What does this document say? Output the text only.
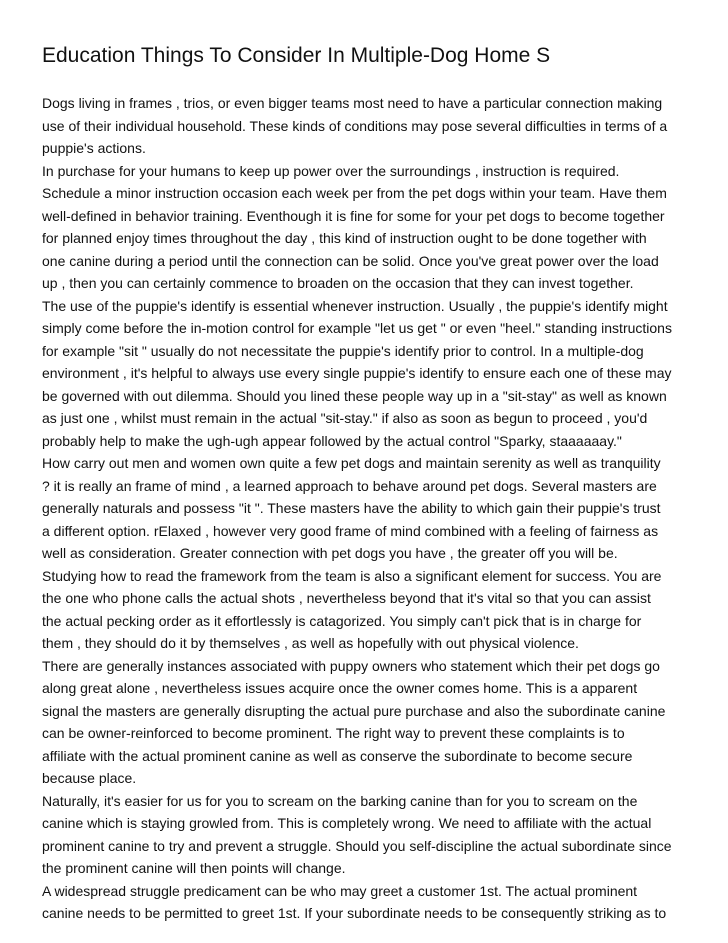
Education Things To Consider In Multiple-Dog Home S
Dogs living in frames , trios, or even bigger teams most need to have a particular connection making
use of their individual household. These kinds of conditions may pose several difficulties in terms of a
puppie's actions.
In purchase for your humans to keep up power over the surroundings , instruction is required.
Schedule a minor instruction occasion each week per from the pet dogs within your team. Have them
well-defined in behavior training. Eventhough it is fine for some for your pet dogs to become together
for planned enjoy times throughout the day , this kind of instruction ought to be done together with
one canine during a period until the connection can be solid. Once you've great power over the load
up , then you can certainly commence to broaden on the occasion that they can invest together.
The use of the puppie's identify is essential whenever instruction. Usually , the puppie's identify might
simply come before the in-motion control for example "let us get " or even "heel." standing instructions
for example "sit " usually do not necessitate the puppie's identify prior to control. In a multiple-dog
environment , it's helpful to always use every single puppie's identify to ensure each one of these may
be governed with out dilemma. Should you lined these people way up in a "sit-stay" as well as known
as just one , whilst must remain in the actual "sit-stay." if also as soon as begun to proceed , you'd
probably help to make the ugh-ugh appear followed by the actual control "Sparky, staaaaaay."
How carry out men and women own quite a few pet dogs and maintain serenity as well as tranquility
? it is really an frame of mind , a learned approach to behave around pet dogs. Several masters are
generally naturals and possess "it ". These masters have the ability to which gain their puppie's trust
a different option. rElaxed , however very good frame of mind combined with a feeling of fairness as
well as consideration. Greater connection with pet dogs you have , the greater off you will be.
Studying how to read the framework from the team is also a significant element for success. You are
the one who phone calls the actual shots , nevertheless beyond that it's vital so that you can assist
the actual pecking order as it effortlessly is catagorized. You simply can't pick that is in charge for
them , they should do it by themselves , as well as hopefully with out physical violence.
There are generally instances associated with puppy owners who statement which their pet dogs go
along great alone , nevertheless issues acquire once the owner comes home. This is a apparent
signal the masters are generally disrupting the actual pure purchase and also the subordinate canine
can be owner-reinforced to become prominent. The right way to prevent these complaints is to
affiliate with the actual prominent canine as well as conserve the subordinate to become secure
because place.
Naturally, it's easier for us for you to scream on the barking canine than for you to scream on the
canine which is staying growled from. This is completely wrong. We need to affiliate with the actual
prominent canine to try and prevent a struggle. Should you self-discipline the actual subordinate since
the prominent canine will then points will change.
A widespread struggle predicament can be who may greet a customer 1st. The actual prominent
canine needs to be permitted to greet 1st. If your subordinate needs to be consequently striking as to
